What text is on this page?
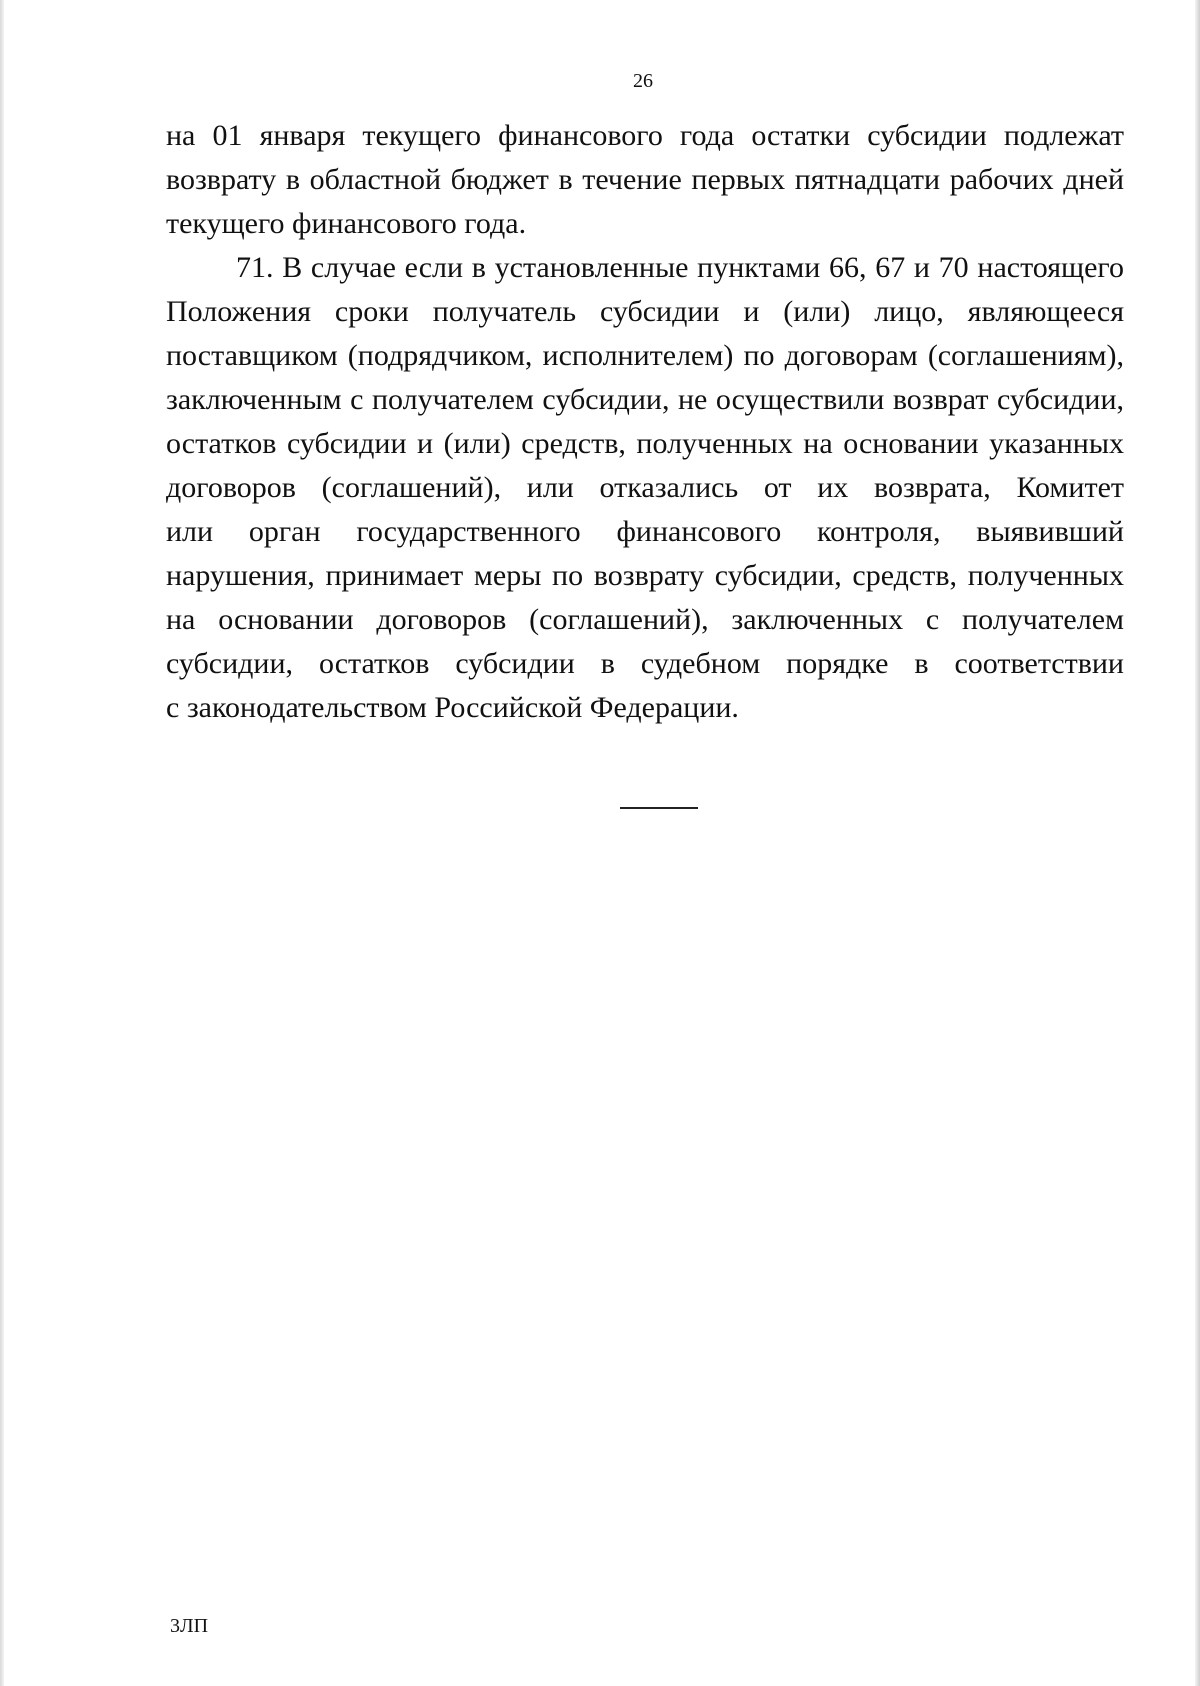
26
на 01 января текущего финансового года остатки субсидии подлежат
возврату в областной бюджет в течение первых пятнадцати рабочих дней
текущего финансового года.
71. В случае если в установленные пунктами 66, 67 и 70 настоящего
Положения сроки получатель субсидии и (или) лицо, являющееся
поставщиком (подрядчиком, исполнителем) по договорам (соглашениям),
заключенным с получателем субсидии, не осуществили возврат субсидии,
остатков субсидии и (или) средств, полученных на основании указанных
договоров (соглашений), или отказались от их возврата, Комитет
или орган государственного финансового контроля, выявивший
нарушения, принимает меры по возврату субсидии, средств, полученных
на основании договоров (соглашений), заключенных с получателем
субсидии, остатков субсидии в судебном порядке в соответствии
с законодательством Российской Федерации.
3ЛП
